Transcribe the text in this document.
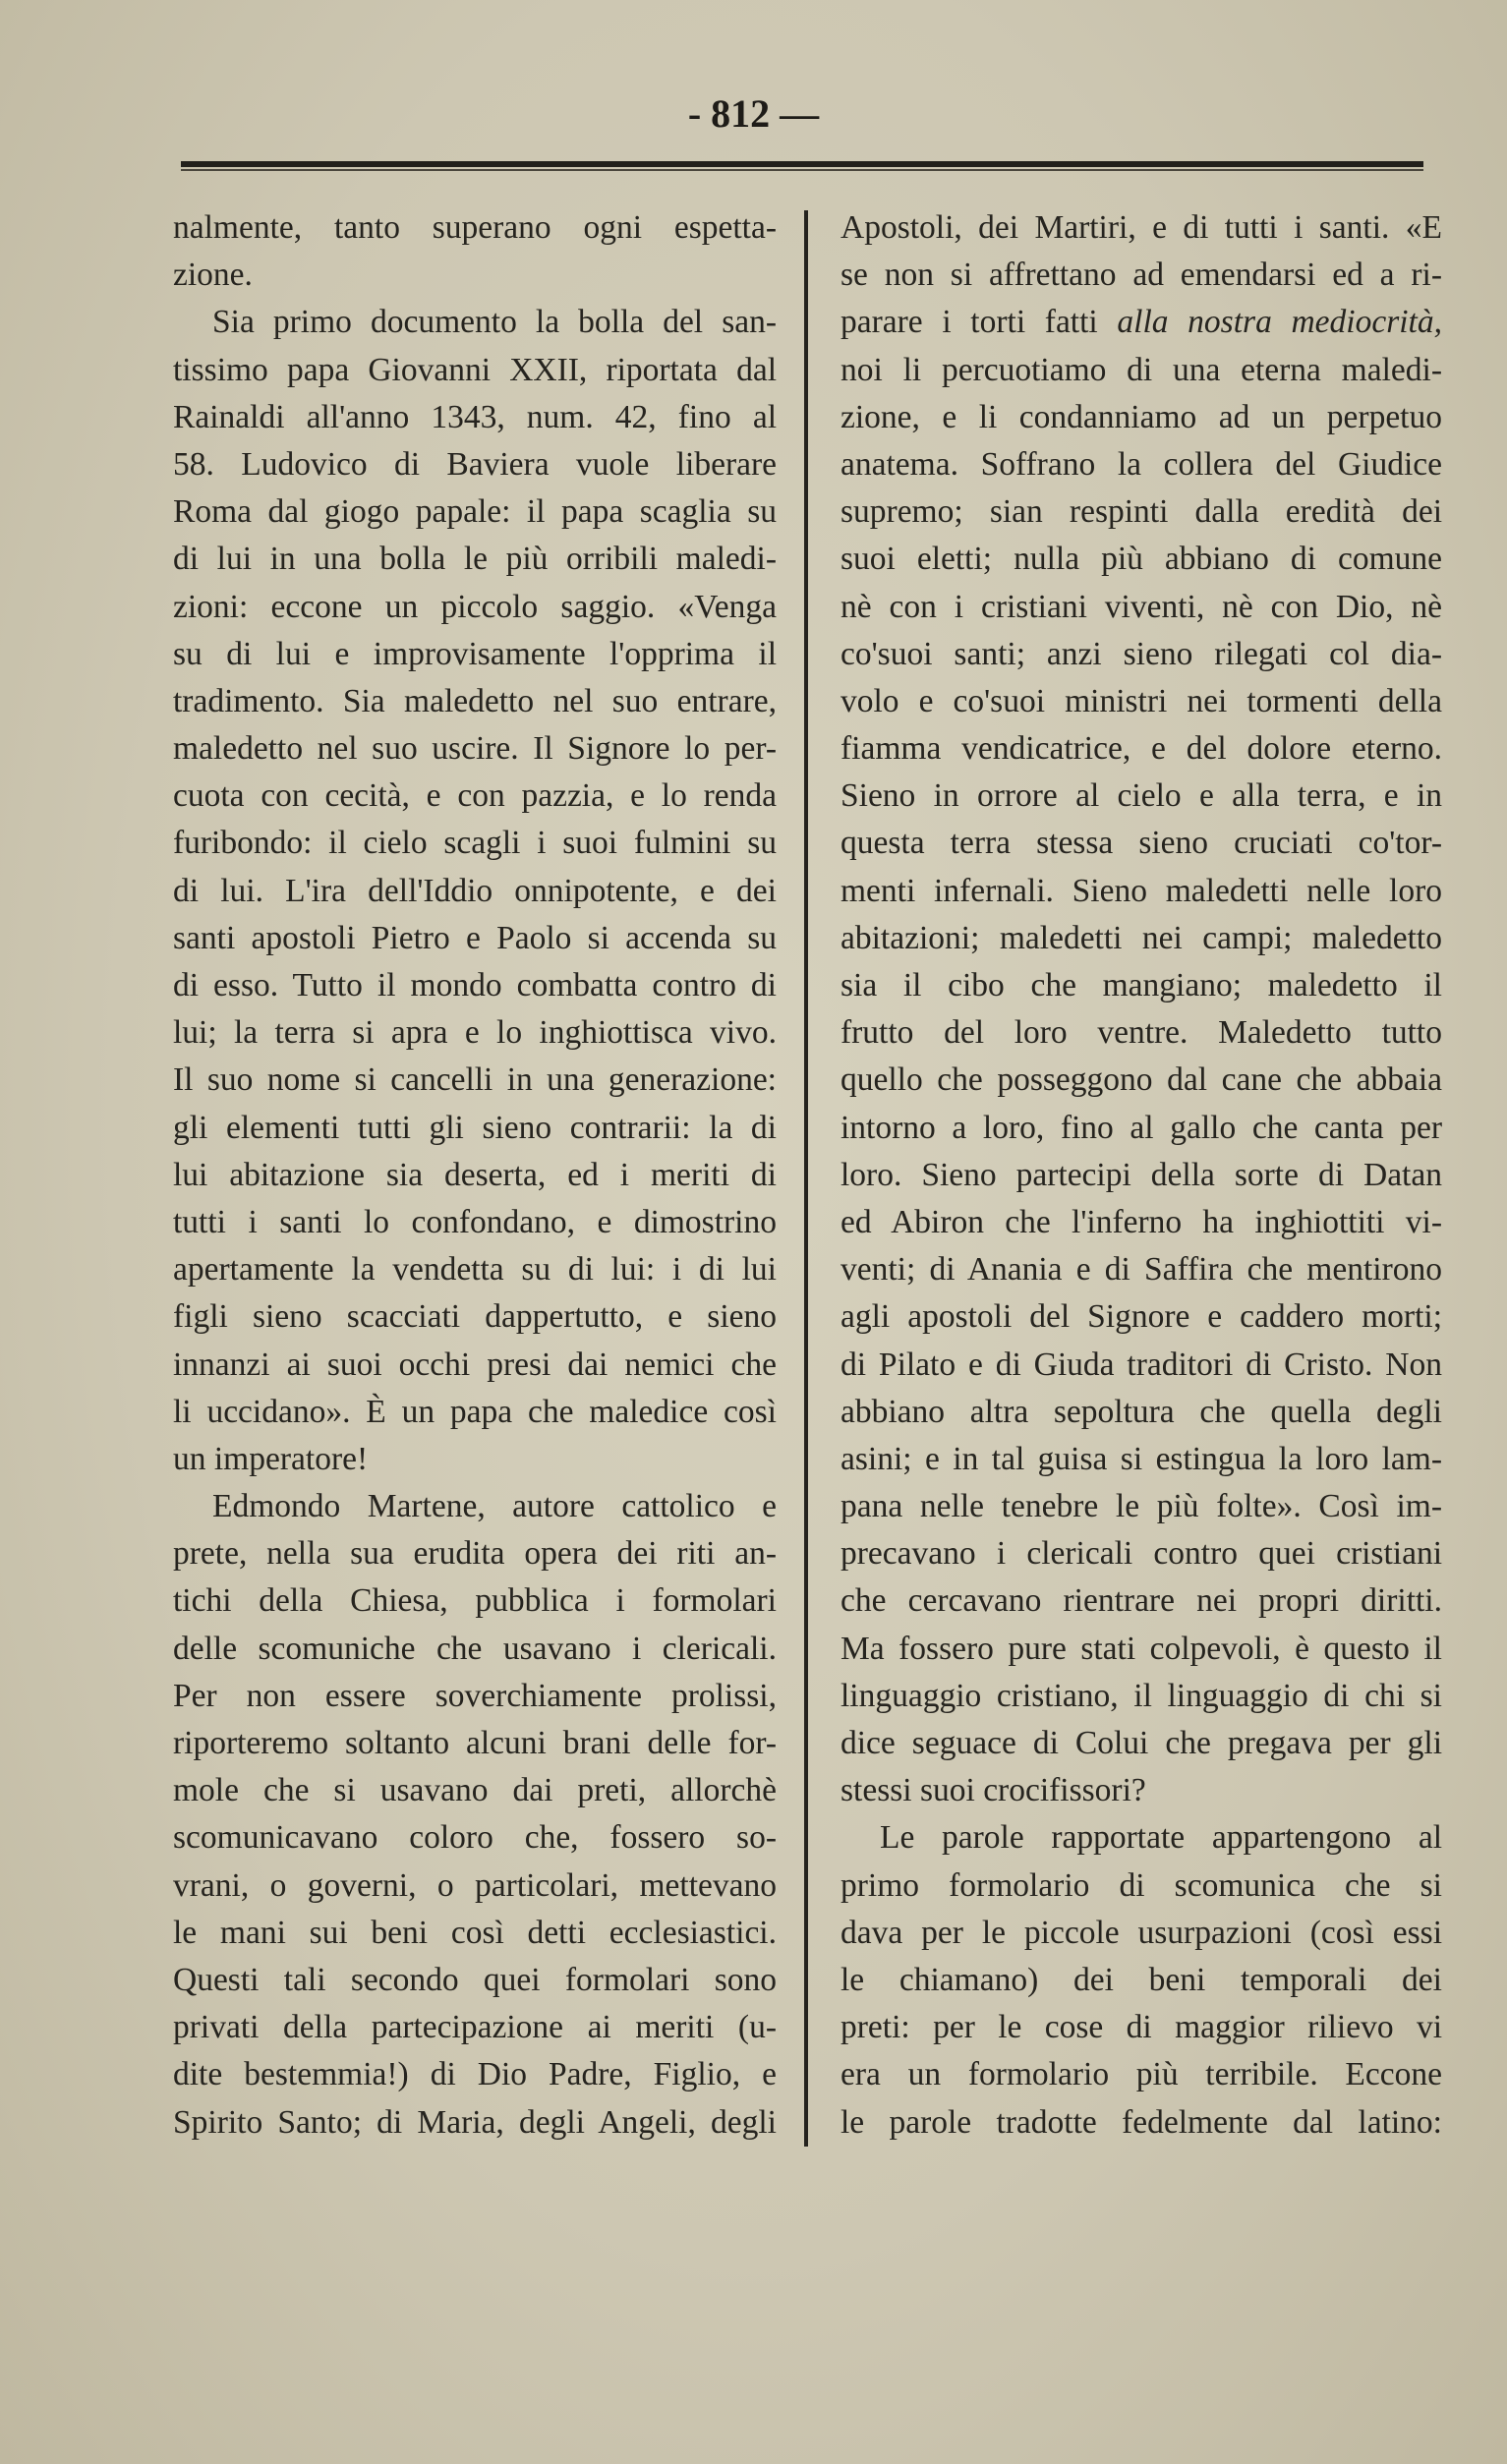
- 812 —
nalmente, tanto superano ogni espetta-
zione.
Sia primo documento la bolla del san-
tissimo papa Giovanni XXII, riportata dal
Rainaldi all'anno 1343, num. 42, fino al
58. Ludovico di Baviera vuole liberare
Roma dal giogo papale: il papa scaglia su
di lui in una bolla le più orribili maledi-
zioni: eccone un piccolo saggio. «Venga
su di lui e improvisamente l'opprima il
tradimento. Sia maledetto nel suo entrare,
maledetto nel suo uscire. Il Signore lo per-
cuota con cecità, e con pazzia, e lo renda
furibondo: il cielo scagli i suoi fulmini su
di lui. L'ira dell'Iddio onnipotente, e dei
santi apostoli Pietro e Paolo si accenda su
di esso. Tutto il mondo combatta contro di
lui; la terra si apra e lo inghiottisca vivo.
Il suo nome si cancelli in una generazione:
gli elementi tutti gli sieno contrarii: la di
lui abitazione sia deserta, ed i meriti di
tutti i santi lo confondano, e dimostrino
apertamente la vendetta su di lui: i di lui
figli sieno scacciati dappertutto, e sieno
innanzi ai suoi occhi presi dai nemici che
li uccidano». È un papa che maledice così
un imperatore!
Edmondo Martene, autore cattolico e
prete, nella sua erudita opera dei riti an-
tichi della Chiesa, pubblica i formolari
delle scomuniche che usavano i clericali.
Per non essere soverchiamente prolissi,
riporteremo soltanto alcuni brani delle for-
mole che si usavano dai preti, allorchè
scomunicavano coloro che, fossero so-
vrani, o governi, o particolari, mettevano
le mani sui beni così detti ecclesiastici.
Questi tali secondo quei formolari sono
privati della partecipazione ai meriti (u-
dite bestemmia!) di Dio Padre, Figlio, e
Spirito Santo; di Maria, degli Angeli, degli
Apostoli, dei Martiri, e di tutti i santi. «E
se non si affrettano ad emendarsi ed a ri-
parare i torti fatti alla nostra mediocrità,
noi li percuotiamo di una eterna maledi-
zione, e li condanniamo ad un perpetuo
anatema. Soffrano la collera del Giudice
supremo; sian respinti dalla eredità dei
suoi eletti; nulla più abbiano di comune
nè con i cristiani viventi, nè con Dio, nè
co'suoi santi; anzi sieno rilegati col dia-
volo e co'suoi ministri nei tormenti della
fiamma vendicatrice, e del dolore eterno.
Sieno in orrore al cielo e alla terra, e in
questa terra stessa sieno cruciati co'tor-
menti infernali. Sieno maledetti nelle loro
abitazioni; maledetti nei campi; maledetto
sia il cibo che mangiano; maledetto il
frutto del loro ventre. Maledetto tutto
quello che posseggono dal cane che abbaia
intorno a loro, fino al gallo che canta per
loro. Sieno partecipi della sorte di Datan
ed Abiron che l'inferno ha inghiottiti vi-
venti; di Anania e di Saffira che mentirono
agli apostoli del Signore e caddero morti;
di Pilato e di Giuda traditori di Cristo. Non
abbiano altra sepoltura che quella degli
asini; e in tal guisa si estingua la loro lam-
pana nelle tenebre le più folte». Così im-
precavano i clericali contro quei cristiani
che cercavano rientrare nei propri diritti.
Ma fossero pure stati colpevoli, è questo il
linguaggio cristiano, il linguaggio di chi si
dice seguace di Colui che pregava per gli
stessi suoi crocifissori?
Le parole rapportate appartengono al
primo formolario di scomunica che si
dava per le piccole usurpazioni (così essi
le chiamano) dei beni temporali dei
preti: per le cose di maggior rilievo vi
era un formolario più terribile. Eccone
le parole tradotte fedelmente dal latino:
